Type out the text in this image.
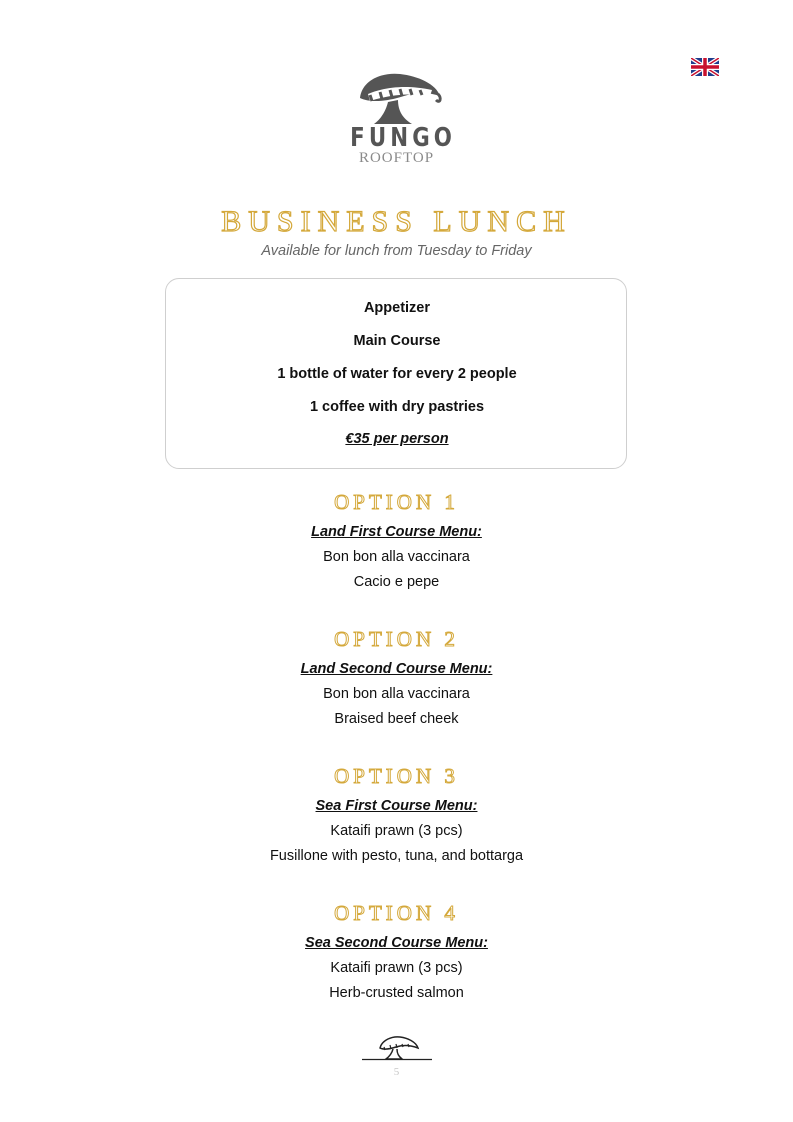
FUNGO
ROOFTOP
BUSINESS LUNCH
Available for lunch from Tuesday to Friday
Appetizer
Main Course
1 bottle of water for every 2 people
1 coffee with dry pastries
€35 per person
OPTION 1
Land First Course Menu:
Bon bon alla vaccinara
Cacio e pepe
OPTION 2
Land Second Course Menu:
Bon bon alla vaccinara
Braised beef cheek
OPTION 3
Sea First Course Menu:
Kataifi prawn (3 pcs)
Fusillone with pesto, tuna, and bottarga
OPTION 4
Sea Second Course Menu:
Kataifi prawn (3 pcs)
Herb-crusted salmon
5
